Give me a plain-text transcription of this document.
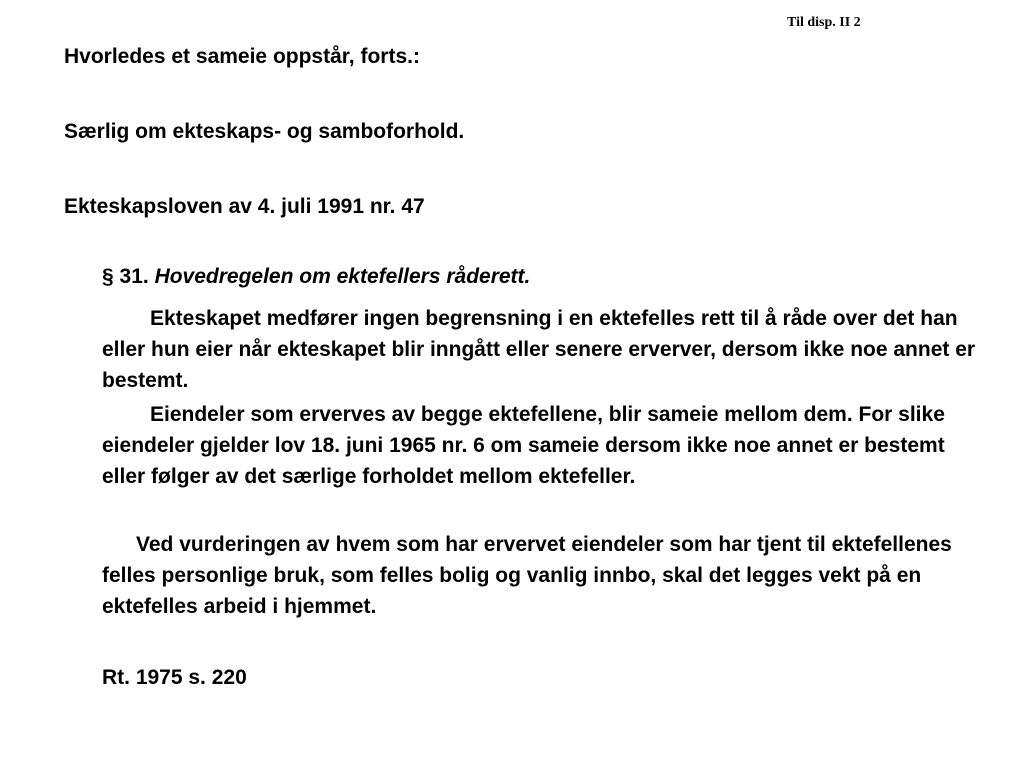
Til disp. II 2
Hvorledes et sameie oppstår, forts.:
Særlig om ekteskaps- og samboforhold.
Ekteskapsloven av 4. juli 1991 nr. 47
§ 31. Hovedregelen om ektefellers råderett.
Ekteskapet medfører ingen begrensning i en ektefelles rett til å råde over det han eller hun eier når ekteskapet blir inngått eller senere erverver, dersom ikke noe annet er bestemt.
Eiendeler som erverves av begge ektefellene, blir sameie mellom dem. For slike eiendeler gjelder lov 18. juni 1965 nr. 6 om sameie dersom ikke noe annet er bestemt eller følger av det særlige forholdet mellom ektefeller.
Ved vurderingen av hvem som har ervervet eiendeler som har tjent til ektefellenes felles personlige bruk, som felles bolig og vanlig innbo, skal det legges vekt på en ektefelles arbeid i hjemmet.
Rt. 1975 s. 220
